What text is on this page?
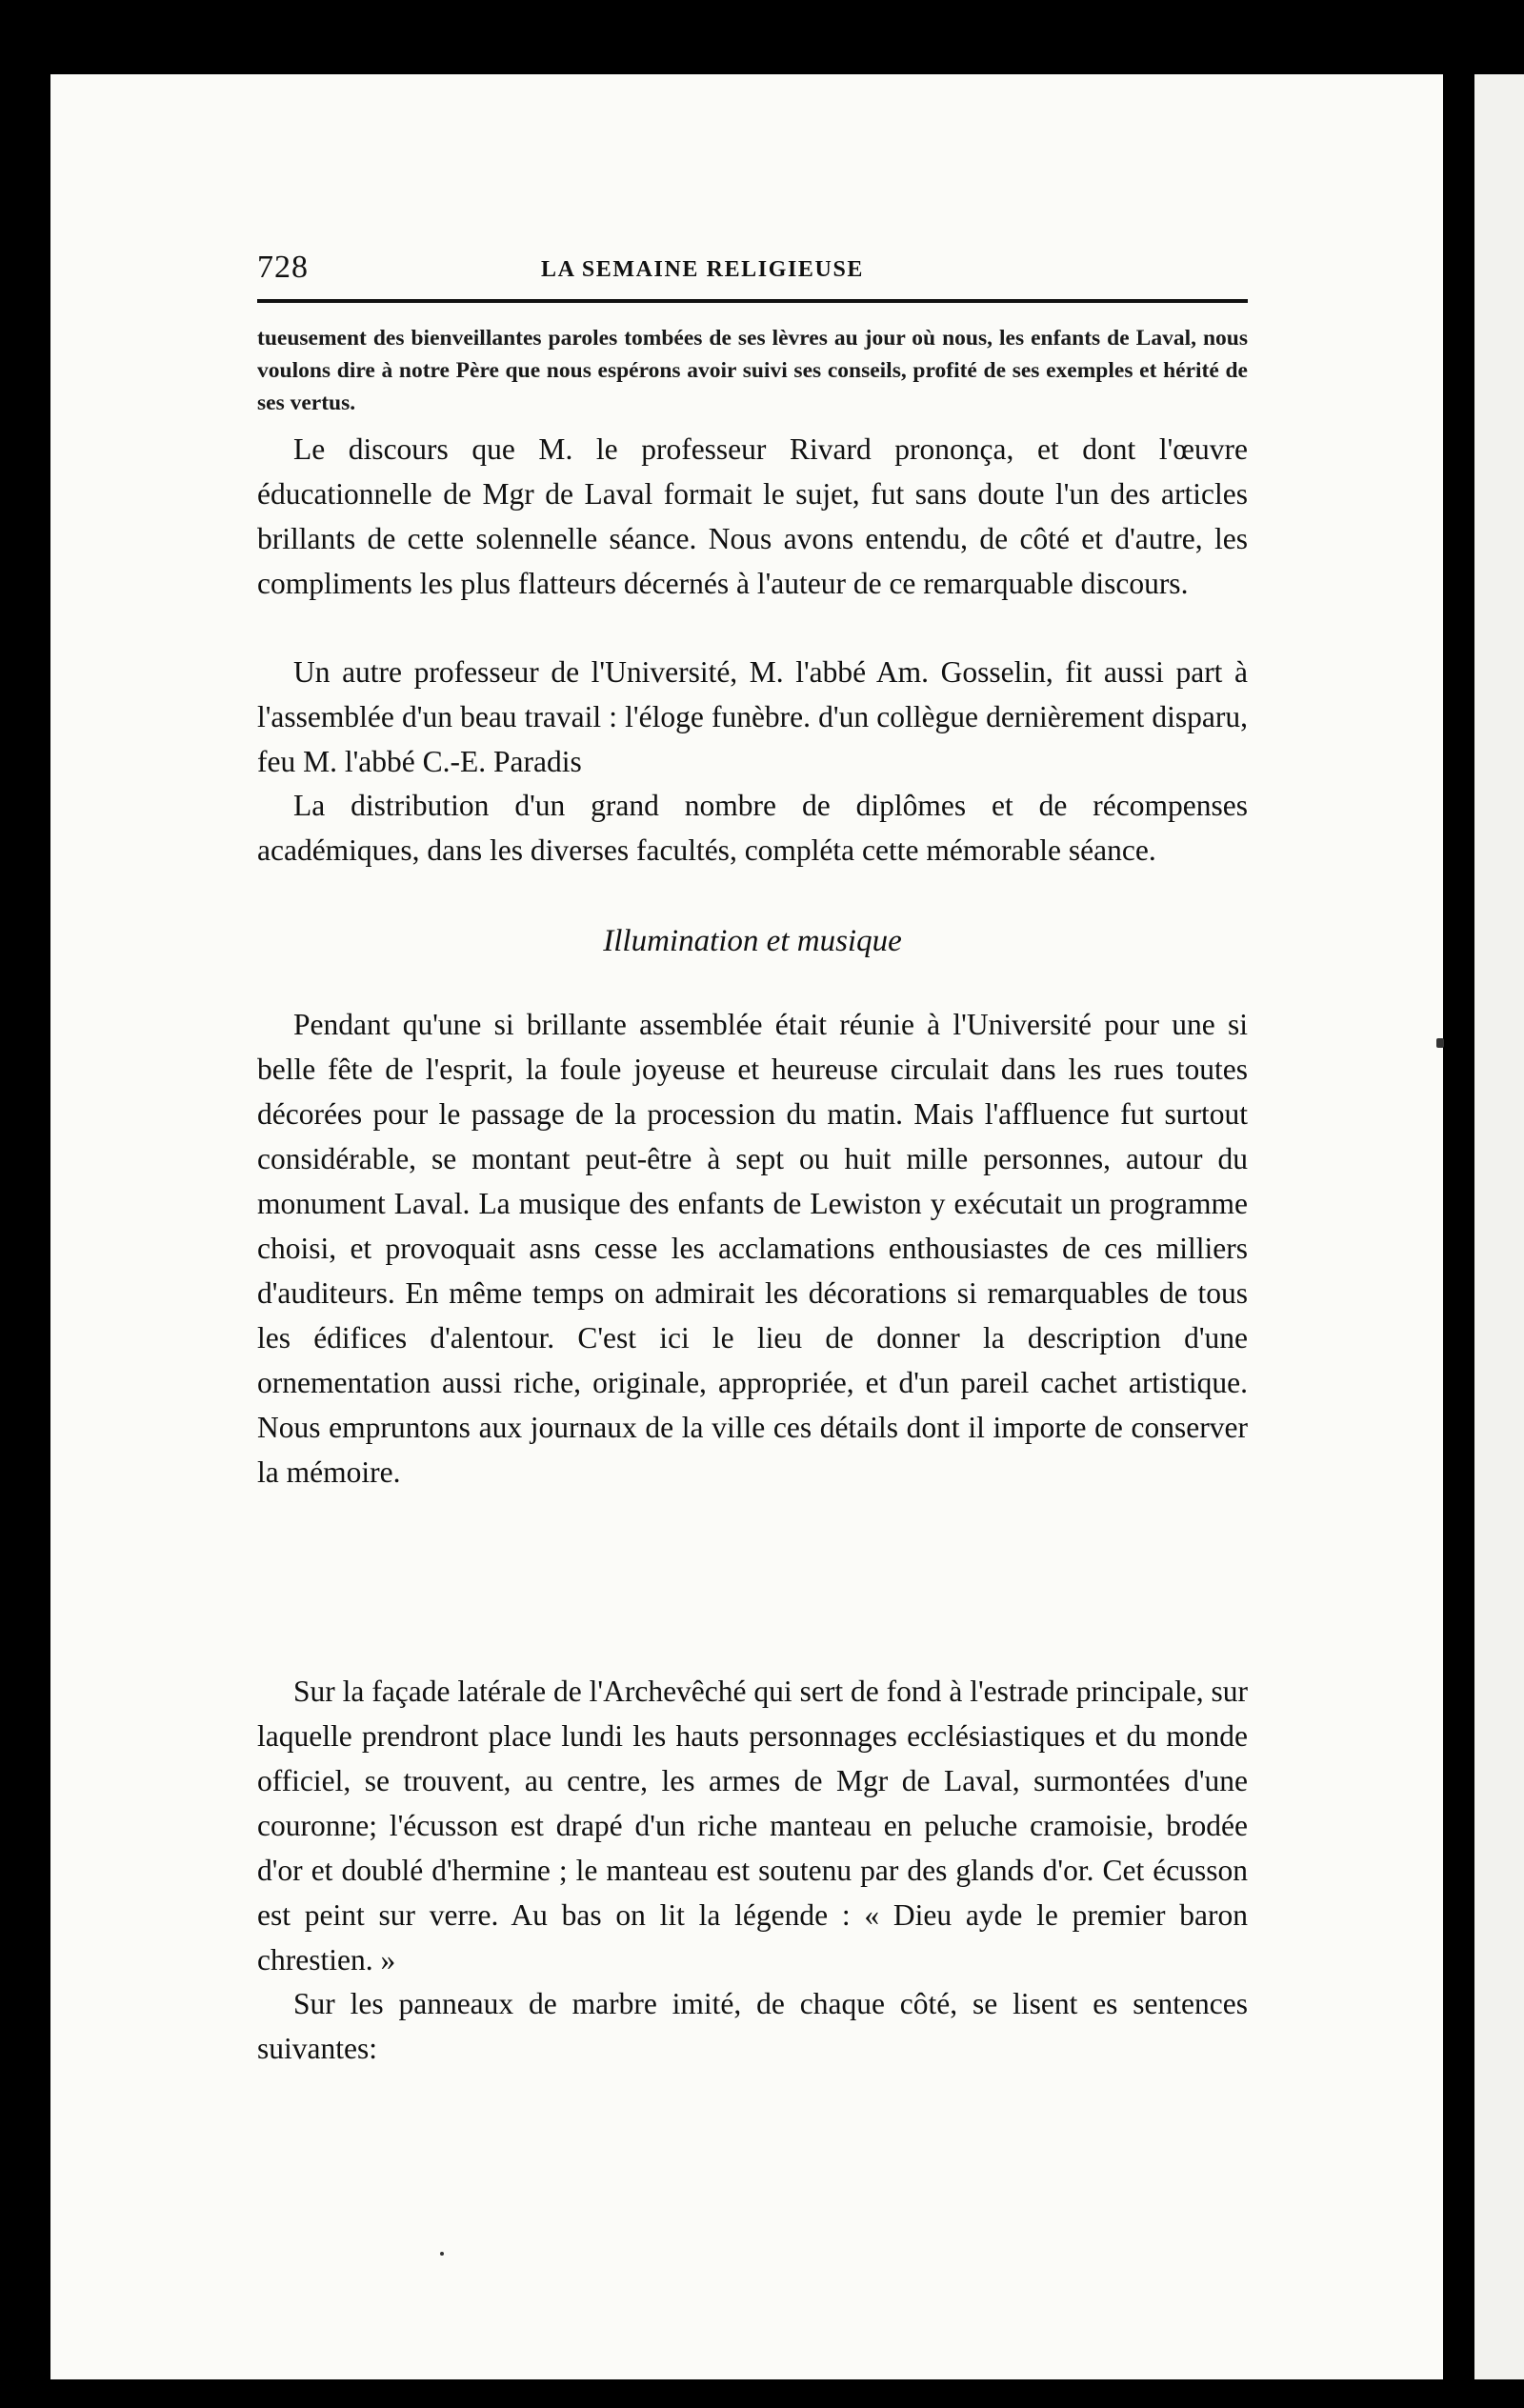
728	LA SEMAINE RELIGIEUSE

tueusement des bienveillantes paroles tombées de ses lèvres au jour où nous, les enfants de Laval, nous voulons dire à notre Père que nous espérons avoir suivi ses conseils, profité de ses exemples et hérité de ses vertus.

Le discours que M. le professeur Rivard prononça, et dont l'œuvre éducationnelle de Mgr de Laval formait le sujet, fut sans doute l'un des articles brillants de cette solennelle séance. Nous avons entendu, de côté et d'autre, les compliments les plus flatteurs décernés à l'auteur de ce remarquable discours.

Un autre professeur de l'Université, M. l'abbé Am. Gosselin, fit aussi part à l'assemblée d'un beau travail : l'éloge funèbre. d'un collègue dernièrement disparu, feu M. l'abbé C.-E. Paradis

La distribution d'un grand nombre de diplômes et de récompenses académiques, dans les diverses facultés, compléta cette mémorable séance.

Illumination et musique

Pendant qu'une si brillante assemblée était réunie à l'Université pour une si belle fête de l'esprit, la foule joyeuse et heureuse circulait dans les rues toutes décorées pour le passage de la procession du matin. Mais l'affluence fut surtout considérable, se montant peut-être à sept ou huit mille personnes, autour du monument Laval. La musique des enfants de Lewiston y exécutait un programme choisi, et provoquait asns cesse les acclamations enthousiastes de ces milliers d'auditeurs. En même temps on admirait les décorations si remarquables de tous les édifices d'alentour. C'est ici le lieu de donner la description d'une ornementation aussi riche, originale, appropriée, et d'un pareil cachet artistique. Nous empruntons aux journaux de la ville ces détails dont il importe de conserver la mémoire.

Sur la façade latérale de l'Archevêché qui sert de fond à l'estrade principale, sur laquelle prendront place lundi les hauts personnages ecclésiastiques et du monde officiel, se trouvent, au centre, les armes de Mgr de Laval, surmontées d'une couronne; l'écusson est drapé d'un riche manteau en peluche cramoisie, brodée d'or et doublé d'hermine ; le manteau est soutenu par des glands d'or. Cet écusson est peint sur verre. Au bas on lit la légende : « Dieu ayde le premier baron chrestien. »

Sur les panneaux de marbre imité, de chaque côté, se lisent es sentences suivantes:
